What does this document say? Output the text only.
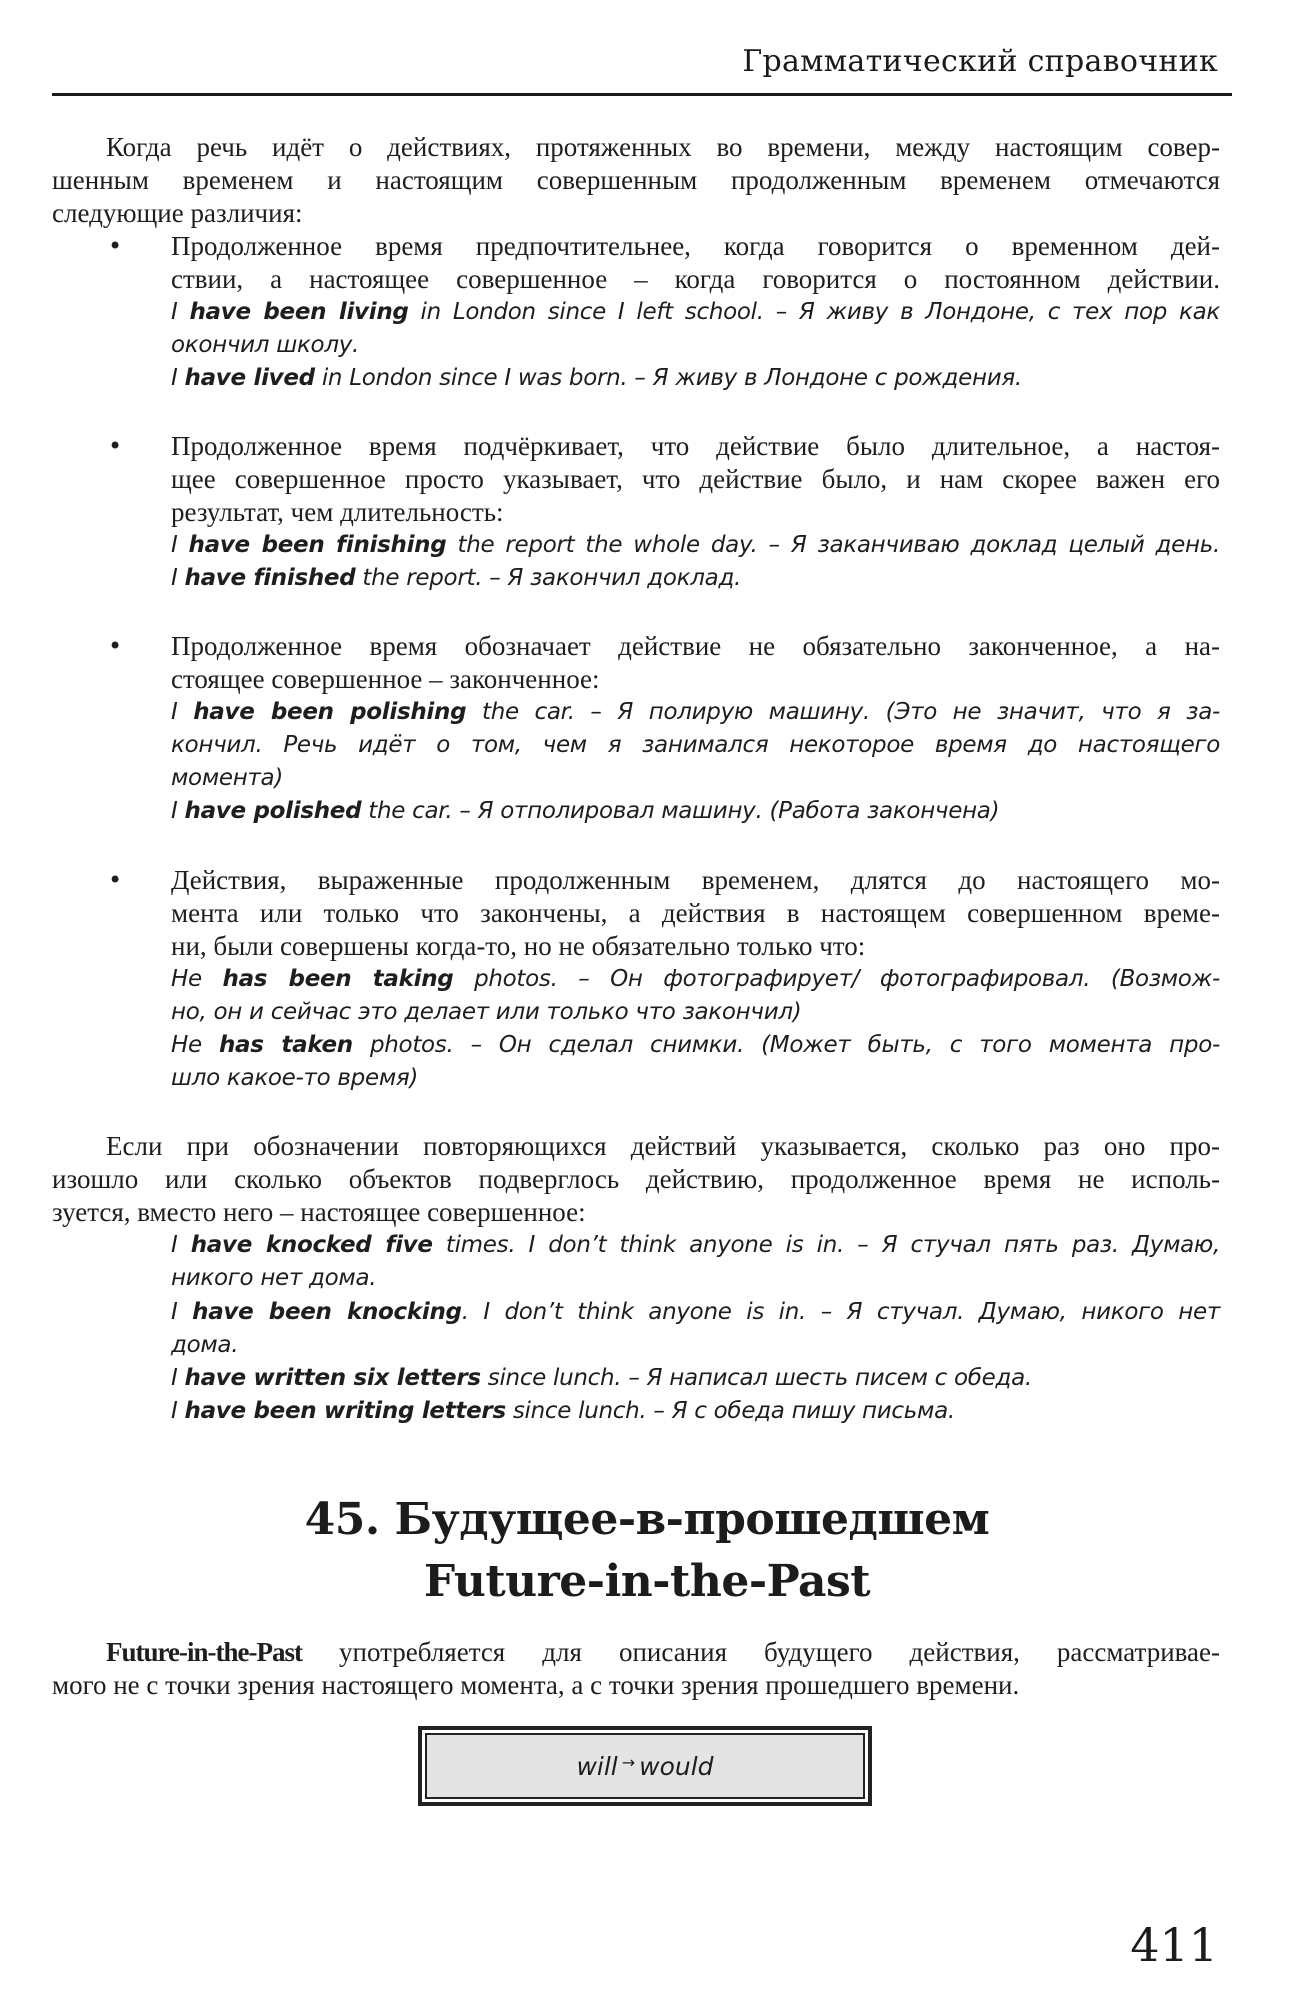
Грамматический справочник
Когда речь идёт о действиях, протяженных во времени, между настоящим совер-
шенным временем и настоящим совершенным продолженным временем отмечаются
следующие различия:
• Продолженное время предпочтительнее, когда говорится о временном дей-
ствии, а настоящее совершенное – когда говорится о постоянном действии.
I have been living in London since I left school. – Я живу в Лондоне, с тех пор как
окончил школу.
I have lived in London since I was born. – Я живу в Лондоне с рождения.
• Продолженное время подчёркивает, что действие было длительное, а настоя-
щее совершенное просто указывает, что действие было, и нам скорее важен его
результат, чем длительность:
I have been finishing the report the whole day. – Я заканчиваю доклад целый день.
I have finished the report. – Я закончил доклад.
• Продолженное время обозначает действие не обязательно законченное, а на-
стоящее совершенное – законченное:
I have been polishing the car. – Я полирую машину. (Это не значит, что я за-
кончил. Речь идёт о том, чем я занимался некоторое время до настоящего
момента)
I have polished the car. – Я отполировал машину. (Работа закончена)
• Действия, выраженные продолженным временем, длятся до настоящего мо-
мента или только что закончены, а действия в настоящем совершенном време-
ни, были совершены когда-то, но не обязательно только что:
He has been taking photos. – Он фотографирует/ фотографировал. (Возмож-
но, он и сейчас это делает или только что закончил)
He has taken photos. – Он сделал снимки. (Может быть, с того момента про-
шло какое-то время)
Если при обозначении повторяющихся действий указывается, сколько раз оно про-
изошло или сколько объектов подверглось действию, продолженное время не исполь-
зуется, вместо него – настоящее совершенное:
I have knocked five times. I don’t think anyone is in. – Я стучал пять раз. Думаю,
никого нет дома.
I have been knocking. I don’t think anyone is in. – Я стучал. Думаю, никого нет
дома.
I have written six letters since lunch. – Я написал шесть писем с обеда.
I have been writing letters since lunch. – Я с обеда пишу письма.
45. Будущее-в-прошедшем
Future-in-the-Past
Future-in-the-Past употребляется для описания будущего действия, рассматривае-
мого не с точки зрения настоящего момента, а с точки зрения прошедшего времени.
will → would
411
